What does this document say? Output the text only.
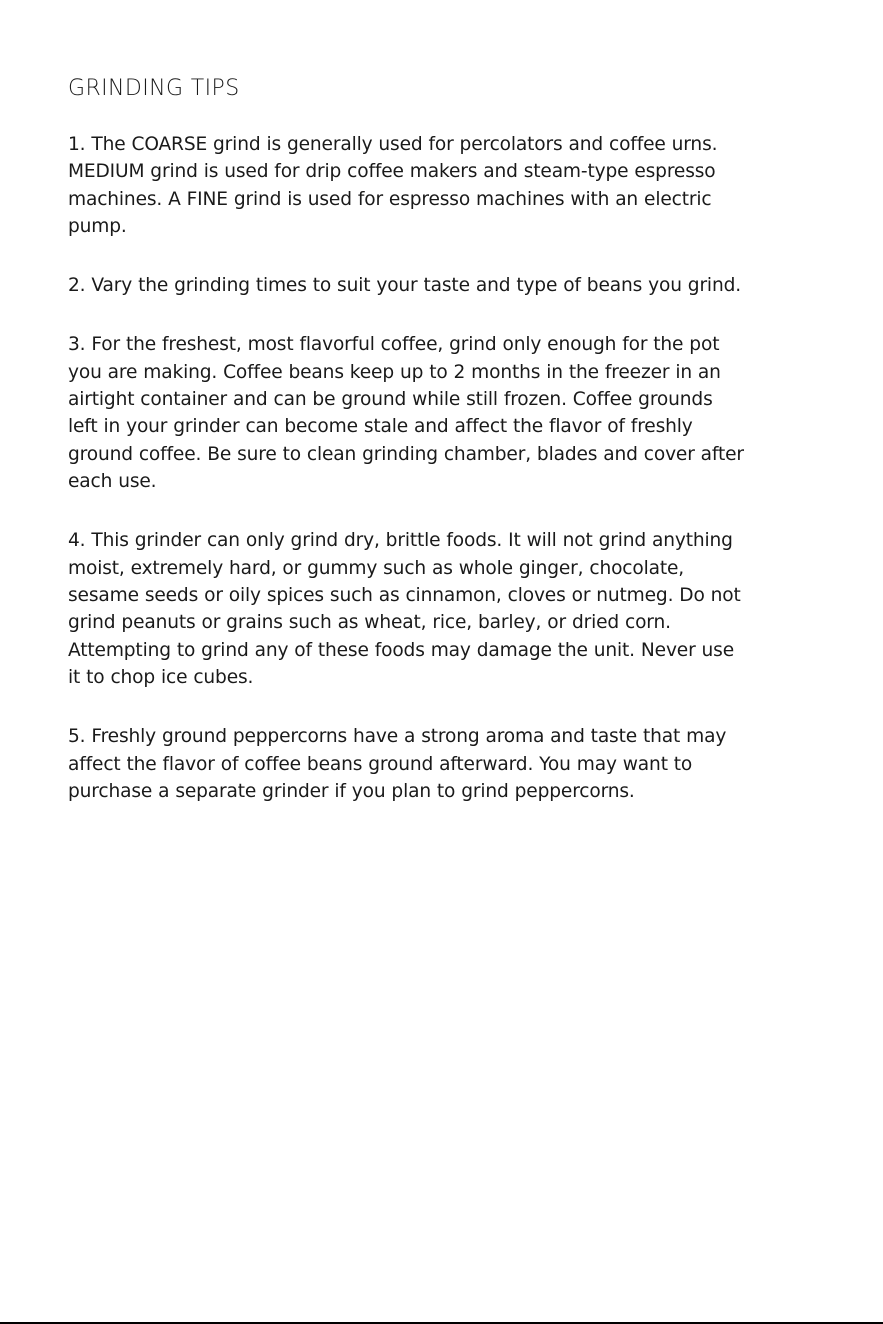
GRINDING TIPS
1. The COARSE grind is generally used for percolators and coffee urns.
MEDIUM grind is used for drip coffee makers and steam-type espresso
machines. A FINE grind is used for espresso machines with an electric
pump.
2. Vary the grinding times to suit your taste and type of beans you grind.
3. For the freshest, most flavorful coffee, grind only enough for the pot
you are making. Coffee beans keep up to 2 months in the freezer in an
airtight container and can be ground while still frozen. Coffee grounds
left in your grinder can become stale and affect the flavor of freshly
ground coffee. Be sure to clean grinding chamber, blades and cover after
each use.
4. This grinder can only grind dry, brittle foods. It will not grind anything
moist, extremely hard, or gummy such as whole ginger, chocolate,
sesame seeds or oily spices such as cinnamon, cloves or nutmeg. Do not
grind peanuts or grains such as wheat, rice, barley, or dried corn.
Attempting to grind any of these foods may damage the unit. Never use
it to chop ice cubes.
5. Freshly ground peppercorns have a strong aroma and taste that may
affect the flavor of coffee beans ground afterward. You may want to
purchase a separate grinder if you plan to grind peppercorns.
